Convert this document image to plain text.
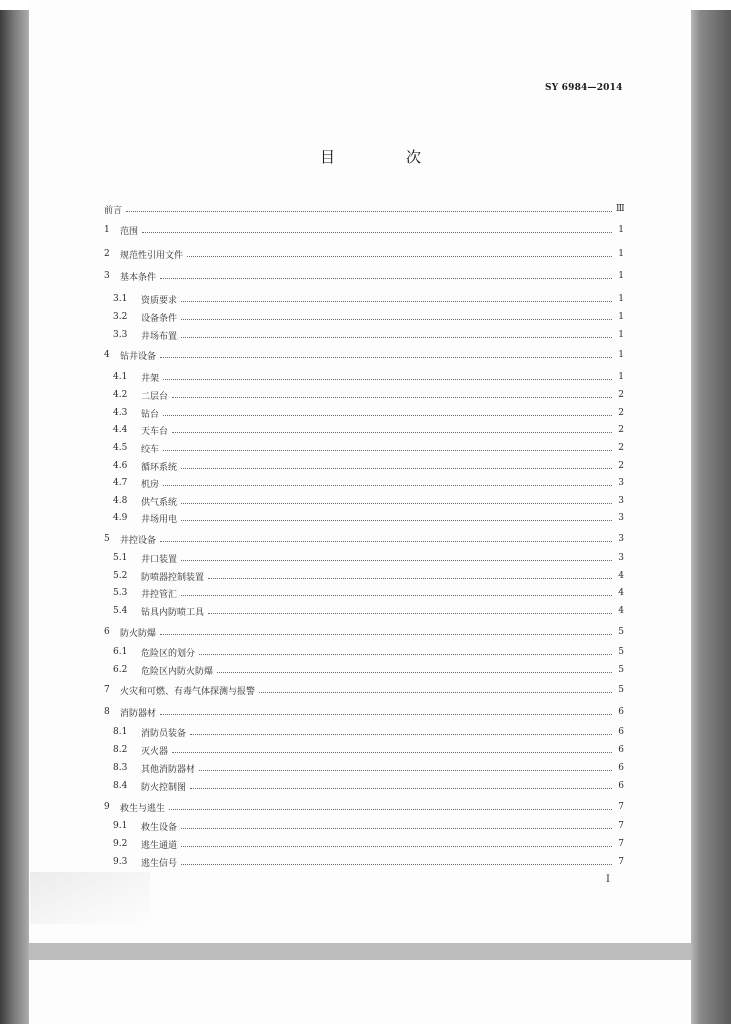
SY 6984—2014
目　次
前言	Ⅲ
1 范围	1
2 规范性引用文件	1
3 基本条件	1
3.1	资质要求	1
3.2	设备条件	1
3.3	井场布置	1
4 钻井设备	1
4.1	井架	1
4.2	二层台	2
4.3	钻台	2
4.4	天车台	2
4.5	绞车	2
4.6	循环系统	2
4.7	机房	3
4.8	供气系统	3
4.9	井场用电	3
5 井控设备	3
5.1	井口装置	3
5.2	防喷器控制装置	4
5.3	井控管汇	4
5.4	钻具内防喷工具	4
6 防火防爆	5
6.1	危险区的划分	5
6.2	危险区内防火防爆	5
7 火灾和可燃、有毒气体探测与报警	5
8 消防器材	6
8.1	消防员装备	6
8.2	灭火器	6
8.3	其他消防器材	6
8.4	防火控制图	6
9 救生与逃生	7
9.1	救生设备	7
9.2	逃生通道	7
9.3	逃生信号	7
I
